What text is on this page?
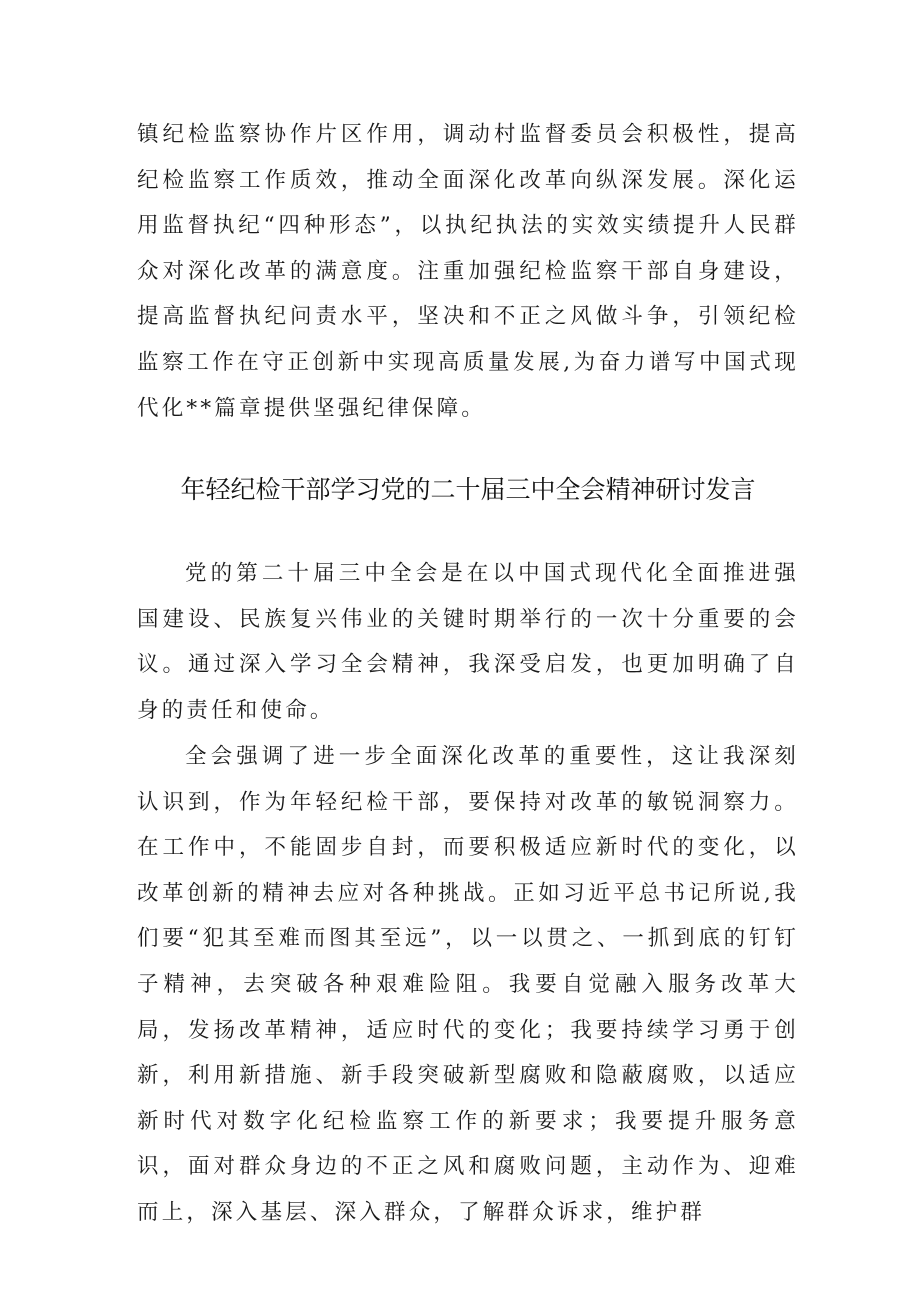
镇纪检监察协作片区作用，调动村监督委员会积极性，提高纪检监察工作质效，推动全面深化改革向纵深发展。深化运用监督执纪“四种形态”，以执纪执法的实效实绩提升人民群众对深化改革的满意度。注重加强纪检监察干部自身建设，提高监督执纪问责水平，坚决和不正之风做斗争，引领纪检监察工作在守正创新中实现高质量发展,为奋力谱写中国式现代化**篇章提供坚强纪律保障。

年轻纪检干部学习党的二十届三中全会精神研讨发言

党的第二十届三中全会是在以中国式现代化全面推进强国建设、民族复兴伟业的关键时期举行的一次十分重要的会议。通过深入学习全会精神，我深受启发，也更加明确了自身的责任和使命。

全会强调了进一步全面深化改革的重要性，这让我深刻认识到，作为年轻纪检干部，要保持对改革的敏锐洞察力。在工作中，不能固步自封，而要积极适应新时代的变化，以改革创新的精神去应对各种挑战。正如习近平总书记所说,我们要“犯其至难而图其至远”，以一以贯之、一抓到底的钉钉子精神，去突破各种艰难险阻。我要自觉融入服务改革大局，发扬改革精神，适应时代的变化；我要持续学习勇于创新，利用新措施、新手段突破新型腐败和隐蔽腐败，以适应新时代对数字化纪检监察工作的新要求；我要提升服务意识，面对群众身边的不正之风和腐败问题，主动作为、迎难而上，深入基层、深入群众，了解群众诉求，维护群
